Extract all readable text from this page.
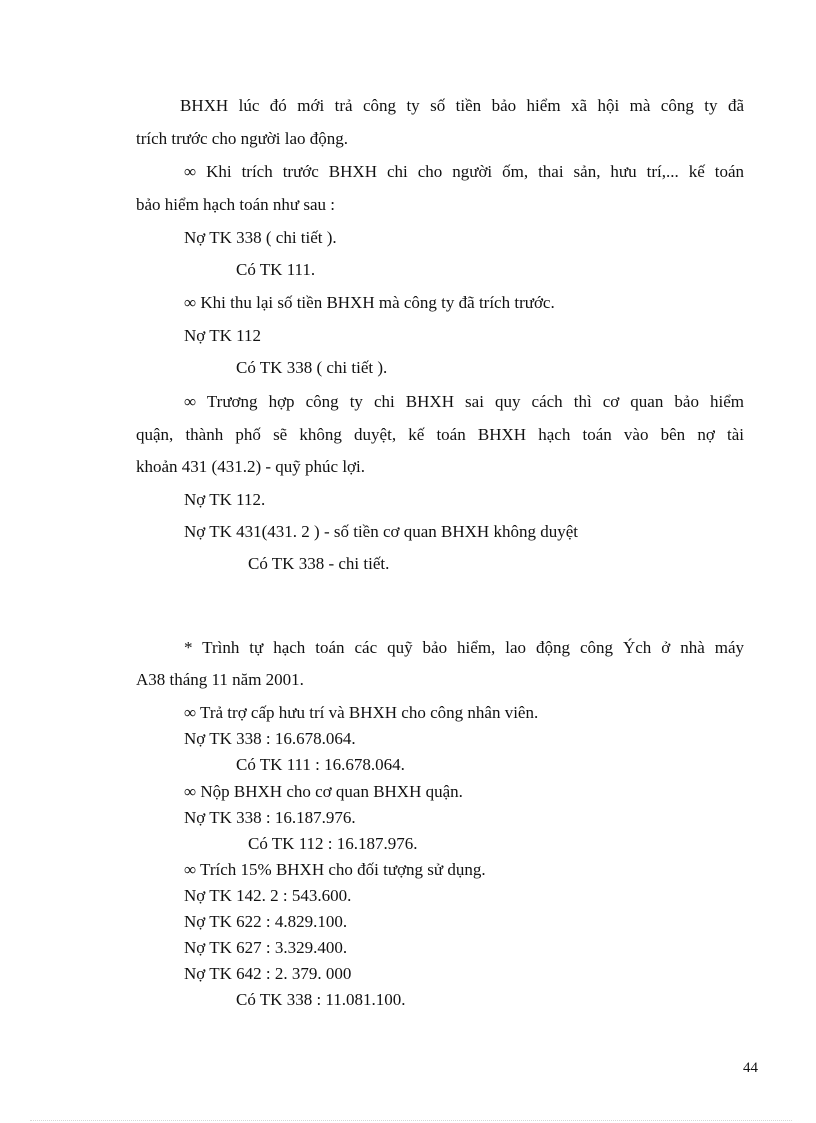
BHXH lúc đó mới trả công ty số tiền bảo hiểm xã hội mà công ty đã
trích trước cho người lao động.
∞ Khi trích trước BHXH chi cho người ốm, thai sản, hưu trí,... kế toán
bảo hiểm hạch toán như sau :
Nợ TK 338 ( chi tiết ).
Có TK 111.
∞ Khi thu lại số tiền BHXH mà công ty đã trích trước.
Nợ TK 112
Có TK 338 ( chi tiết ).
∞ Trương hợp công ty chi BHXH sai quy cách thì cơ quan bảo hiểm
quận, thành phố sẽ không duyệt, kế toán BHXH hạch toán vào bên nợ tài
khoản 431 (431.2) - quỹ phúc lợi.
Nợ TK 112.
Nợ TK 431(431. 2 ) - số tiền cơ quan BHXH không duyệt
Có TK 338 - chi tiết.
* Trình tự hạch toán các quỹ bảo hiểm, lao động công Ých ở nhà máy
A38 tháng 11 năm 2001.
∞ Trả trợ cấp hưu trí và BHXH cho công nhân viên.
Nợ TK 338 : 16.678.064.
Có TK 111 : 16.678.064.
∞ Nộp BHXH cho cơ quan BHXH quận.
Nợ TK 338 : 16.187.976.
Có TK 112 : 16.187.976.
∞ Trích 15% BHXH cho đối tượng sử dụng.
Nợ TK 142. 2 : 543.600.
Nợ TK 622 : 4.829.100.
Nợ TK 627 : 3.329.400.
Nợ TK 642 : 2. 379. 000
Có TK 338 : 11.081.100.
44
